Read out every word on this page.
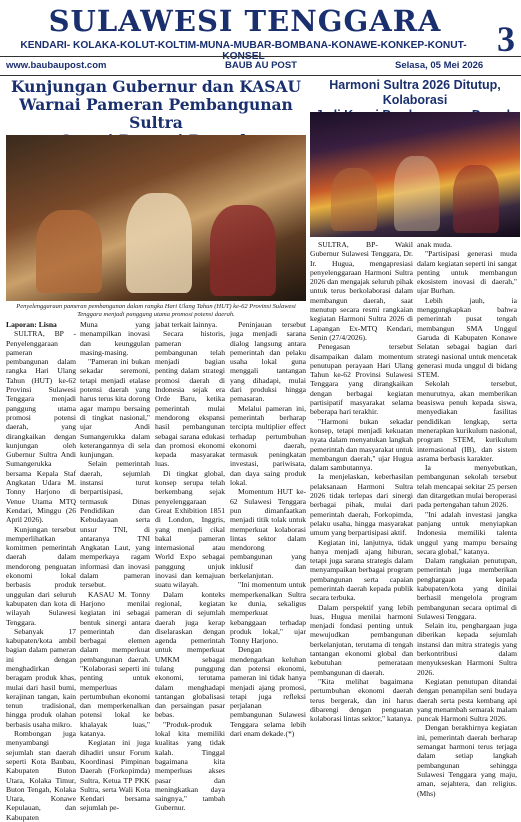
SULAWESI TENGGARA
KENDARI- KOLAKA-KOLUT-KOLTIM-MUNA-MUBAR-BOMBANA-KONAWE-KONKEP-KONUT-KONSEL	3
www.baubaupost.com	BAUB AU POST	Selasa, 05 Mei 2026
Kunjungan Gubernur dan KASAU
Warnai Pameran Pembangunan Sultra
Harmoni Sultra 2026 Ditutup, Kolaborasi
Penyelenggaraan pameran pembangunan dalam rangka Hari Ulang Tahun (HUT) ke-62 Provinsi Sulawesi Tenggara menjadi panggung utama promosi potensi daerah.

Laporan: Lisna

SULTRA, BP - Penyelenggaraan pameran pembangunan dalam rangka Hari Ulang Tahun (HUT) ke-62 Provinsi Sulawesi Tenggara menjadi panggung utama promosi potensi daerah, yang dirangkaikan dengan kunjungan oleh Gubernur Sultra Andi Sumangerukka bersama Kepala Staf Angkatan Udara M. Tonny Harjono di Venue Utama MTQ Kendari, Minggu (26 April 2026).

Kunjungan tersebut memperlihatkan komitmen pemerintah daerah dalam mendorong penguatan ekonomi lokal berbasis produk unggulan dari seluruh kabupaten dan kota di wilayah Sulawesi Tenggara.

Sebanyak 17 kabupaten/kota ambil bagian dalam pameran ini dengan menghadirkan beragam produk khas, mulai dari hasil bumi, kerajinan tangan, kain tenun tradisional, hingga produk olahan berbasis usaha mikro.

Rombongan juga menyambangi sejumlah stan daerah seperti Kota Baubau, Kabupaten Buton Utara, Kolaka Timur, Buton Tengah, Kolaka Utara, Konawe Kepulauan, dan Kabupaten

Muna yang menampilkan inovasi dan keunggulan masing-masing.

"Pameran ini bukan sekadar seremoni, tetapi menjadi etalase potensi daerah yang harus terus kita dorong agar mampu bersaing di tingkat nasional," ujar Andi Sumangerukka dalam keterangannya di sela kunjungan.

Selain pemerintah daerah, sejumlah instansi turut berpartisipasi, termasuk Dinas Pendidikan dan Kebudayaan serta unsur TNI, di antaranya TNI Angkatan Laut, yang memperkaya ragam informasi dan inovasi dalam pameran tersebut.

KASAU M. Tonny Harjono menilai kegiatan ini sebagai bentuk sinergi antara pemerintah dan berbagai elemen dalam memperkuat pembangunan daerah. "Kolaborasi seperti ini penting untuk memperluas pertumbuhan ekonomi dan memperkenalkan potensi lokal ke khalayak luas," katanya.

Kegiatan ini juga dihadiri unsur Forum Koordinasi Pimpinan Daerah (Forkopimda) Sultra, Ketua TP PKK Sultra, serta Wali Kota Kendari bersama sejumlah pe-

jabat terkait lainnya.

Secara historis, pameran pembangunan telah menjadi bagian penting dalam strategi promosi daerah di Indonesia sejak era Orde Baru, ketika pemerintah mulai mendorong ekspansi hasil pembangunan sebagai sarana edukasi dan promosi ekonomi kepada masyarakat luas.

Di tingkat global, konsep serupa telah berkembang sejak penyelenggaraan Great Exhibition 1851 di London, Inggris, yang menjadi cikal bakal pameran internasional atau World Expo sebagai panggung unjuk inovasi dan kemajuan suatu wilayah.

Dalam konteks regional, kegiatan pameran di sejumlah daerah juga kerap diselaraskan dengan agenda pemerintah untuk memperkuat UMKM sebagai tulang punggung ekonomi, terutama dalam menghadapi tantangan globalisasi dan persaingan pasar bebas.

"Produk-produk lokal kita memiliki kualitas yang tidak kalah. Tinggal bagaimana kita memperluas akses pasar dan meningkatkan daya saingnya," tambah Gubernur.

Peninjauan tersebut juga menjadi sarana dialog langsung antara pemerintah dan pelaku usaha lokal guna menggali tantangan yang dihadapi, mulai dari produksi hingga pemasaran.

Melalui pameran ini, pemerintah berharap tercipta multiplier effect terhadap pertumbuhan ekonomi daerah, termasuk peningkatan investasi, pariwisata, dan daya saing produk lokal.

Momentum HUT ke-62 Sulawesi Tenggara pun dimanfaatkan menjadi titik tolak untuk memperkuat kolaborasi lintas sektor dalam mendorong pembangunan yang inklusif dan berkelanjutan.

"Ini momentum untuk memperkenalkan Sultra ke dunia, sekaligus memperkuat kebanggaan terhadap produk lokal," ujar Tonny Harjono.

Dengan mendengarkan keluhan dan potensi ekonomi, pameran ini tidak hanya menjadi ajang promosi, tetapi juga refleksi perjalanan pembangunan Sulawesi Tenggara selama lebih dari enam dekade.(*)

SULTRA, BP- Wakil Gubernur Sulawesi Tenggara, Dr. Ir. Hugua, mengapresiasi penyelenggaraan Harmoni Sultra 2026 dan mengajak seluruh pihak untuk terus berkolaborasi dalam membangun daerah, saat menutup secara resmi rangkaian kegiatan Harmoni Sultra 2026 di Lapangan Ex-MTQ Kendari, Senin (27/4/2026).

Penegasan tersebut disampaikan dalam momentum penutupan perayaan Hari Ulang Tahun ke-62 Provinsi Sulawesi Tenggara yang dirangkaikan dengan berbagai kegiatan partisipatif masyarakat selama beberapa hari terakhir.

"Harmoni bukan sekadar konsep, tetapi menjadi kekuatan nyata dalam menyatukan langkah pemerintah dan masyarakat untuk membangun daerah," ujar Hugua dalam sambutannya.

Ia menjelaskan, keberhasilan pelaksanaan Harmoni Sultra 2026 tidak terlepas dari sinergi berbagai pihak, mulai dari pemerintah daerah, Forkopimda, pelaku usaha, hingga masyarakat umum yang berpartisipasi aktif.

Kegiatan ini, lanjutnya, tidak hanya menjadi ajang hiburan, tetapi juga sarana strategis dalam menyampaikan berbagai program pembangunan serta capaian pemerintah daerah kepada publik secara terbuka.

Dalam perspektif yang lebih luas, Hugua menilai harmoni menjadi fondasi penting untuk mewujudkan pembangunan berkelanjutan, terutama di tengah tantangan ekonomi global dan kebutuhan pemerataan pembangunan di daerah.

"Kita melihat bagaimana pertumbuhan ekonomi daerah terus bergerak, dan ini harus dibarengi dengan penguatan kolaborasi lintas sektor," katanya.

anak muda.

"Partisipasi generasi muda dalam kegiatan seperti ini sangat penting untuk membangun ekosistem inovasi di daerah," ujar Burhan.

Lebih jauh, ia menggungkapkan bahwa pemerintah pusat tengah membangun SMA Unggul Garuda di Kabupaten Konawe Selatan sebagai bagian dari strategi nasional untuk mencetak generasi muda unggul di bidang STEM.

Sekolah tersebut, menurutnya, akan memberikan beasiswa penuh kepada siswa, menyediakan fasilitas pendidikan lengkap, serta menerapkan kurikulum nasional, program STEM, kurikulum internasional (IB), dan sistem asrama berbasis karakter.

Ia menyebutkan, pembangunan sekolah tersebut telah mencapai sekitar 25 persen dan ditargetkan mulai beroperasi pada pertengahan tahun 2026.

"Ini adalah investasi jangka panjang untuk menyiapkan Indonesia memiliki talenta unggul yang mampu bersaing secara global," katanya.

Dalam rangkaian penutupan, pemerintah juga memberikan penghargaan kepada kabupaten/kota yang dinilai berhasil mengelola program pembangunan secara optimal di Sulawesi Tenggara.

Selain itu, penghargaan juga diberikan kepada sejumlah instansi dan mitra strategis yang berkontribusi dalam menyukseskan Harmoni Sultra 2026.

Kegiatan penutupan ditandai dengan penampilan seni budaya daerah serta pesta kembang api yang menambah semarak malam puncak Harmoni Sultra 2026.

Dengan berakhirnya kegiatan ini, pemerintah daerah berharap semangat harmoni terus terjaga dalam setiap langkah pembangunan sehingga Sulawesi Tenggara yang maju, aman, sejahtera, dan religius. (Mhs)
